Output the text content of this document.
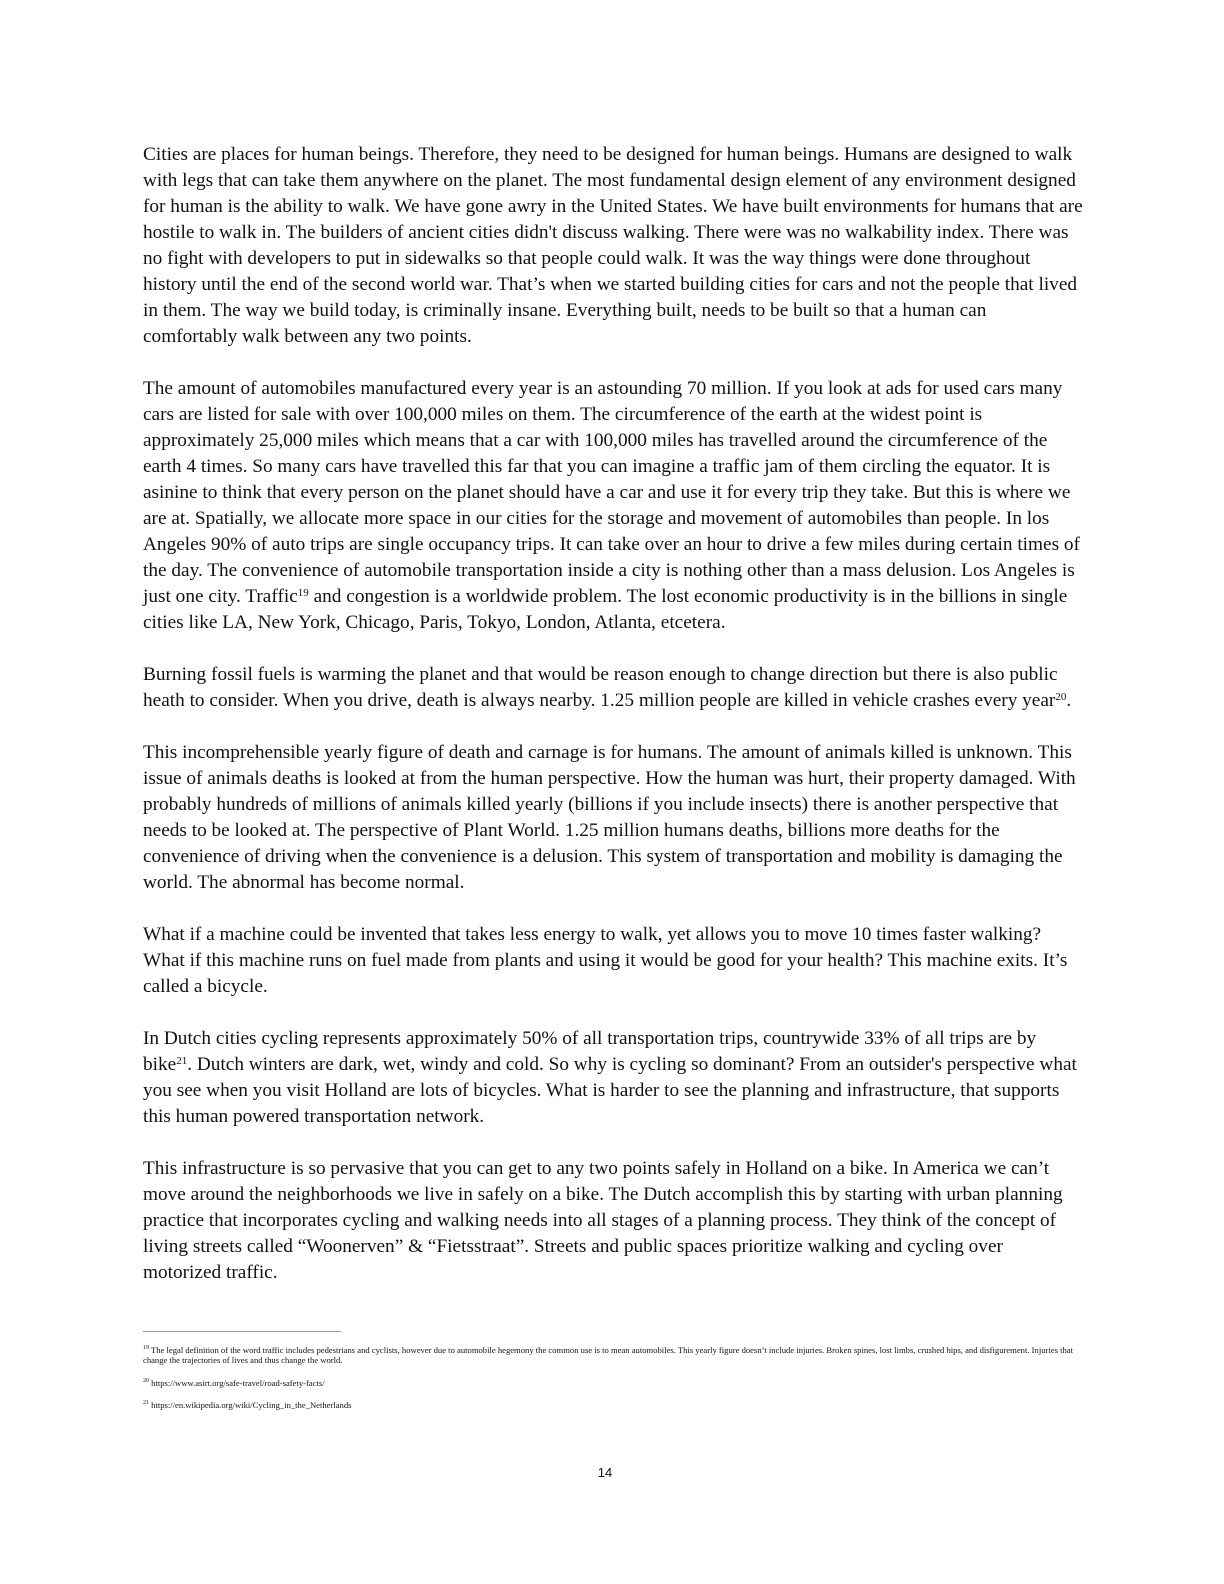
Cities are places for human beings. Therefore, they need to be designed for human beings. Humans are designed to walk with legs that can take them anywhere on the planet. The most fundamental design element of any environment designed for human is the ability to walk. We have gone awry in the United States. We have built environments for humans that are hostile to walk in. The builders of ancient cities didn't discuss walking. There were was no walkability index. There was no fight with developers to put in sidewalks so that people could walk. It was the way things were done throughout history until the end of the second world war. That’s when we started building cities for cars and not the people that lived in them. The way we build today, is criminally insane. Everything built, needs to be built so that a human can comfortably walk between any two points.

The amount of automobiles manufactured every year is an astounding 70 million. If you look at ads for used cars many cars are listed for sale with over 100,000 miles on them. The circumference of the earth at the widest point is approximately 25,000 miles which means that a car with 100,000 miles has travelled around the circumference of the earth 4 times. So many cars have travelled this far that you can imagine a traffic jam of them circling the equator. It is asinine to think that every person on the planet should have a car and use it for every trip they take. But this is where we are at. Spatially, we allocate more space in our cities for the storage and movement of automobiles than people. In los Angeles 90% of auto trips are single occupancy trips. It can take over an hour to drive a few miles during certain times of the day. The convenience of automobile transportation inside a city is nothing other than a mass delusion. Los Angeles is just one city. Traffic$^{19}$ and congestion is a worldwide problem. The lost economic productivity is in the billions in single cities like LA, New York, Chicago, Paris, Tokyo, London, Atlanta, etcetera.

Burning fossil fuels is warming the planet and that would be reason enough to change direction but there is also public heath to consider. When you drive, death is always nearby. 1.25 million people are killed in vehicle crashes every year$^{20}$.

This incomprehensible yearly figure of death and carnage is for humans. The amount of animals killed is unknown. This issue of animals deaths is looked at from the human perspective. How the human was hurt, their property damaged. With probably hundreds of millions of animals killed yearly (billions if you include insects) there is another perspective that needs to be looked at. The perspective of Plant World. 1.25 million humans deaths, billions more deaths for the convenience of driving when the convenience is a delusion. This system of transportation and mobility is damaging the world. The abnormal has become normal.

What if a machine could be invented that takes less energy to walk, yet allows you to move 10 times faster walking? What if this machine runs on fuel made from plants and using it would be good for your health? This machine exits. It’s called a bicycle.

In Dutch cities cycling represents approximately 50% of all transportation trips, countrywide 33% of all trips are by bike$^{21}$. Dutch winters are dark, wet, windy and cold. So why is cycling so dominant? From an outsider's perspective what you see when you visit Holland are lots of bicycles. What is harder to see the planning and infrastructure, that supports this human powered transportation network.

This infrastructure is so pervasive that you can get to any two points safely in Holland on a bike. In America we can’t move around the neighborhoods we live in safely on a bike. The Dutch accomplish this by starting with urban planning practice that incorporates cycling and walking needs into all stages of a planning process. They think of the concept of living streets called “Woonerven” & “Fietsstraat”. Streets and public spaces prioritize walking and cycling over motorized traffic.

$^{19}$ The legal definition of the word traffic includes pedestrians and cyclists, however due to automobile hegemony the common use is to mean automobiles. This yearly figure doesn’t include injuries. Broken spines, lost limbs, crushed hips, and disfigurement. Injuries that change the trajectories of lives and thus change the world.
$^{20}$ https://www.asirt.org/safe-travel/road-safety-facts/
$^{21}$ https://en.wikipedia.org/wiki/Cycling_in_the_Netherlands
14
